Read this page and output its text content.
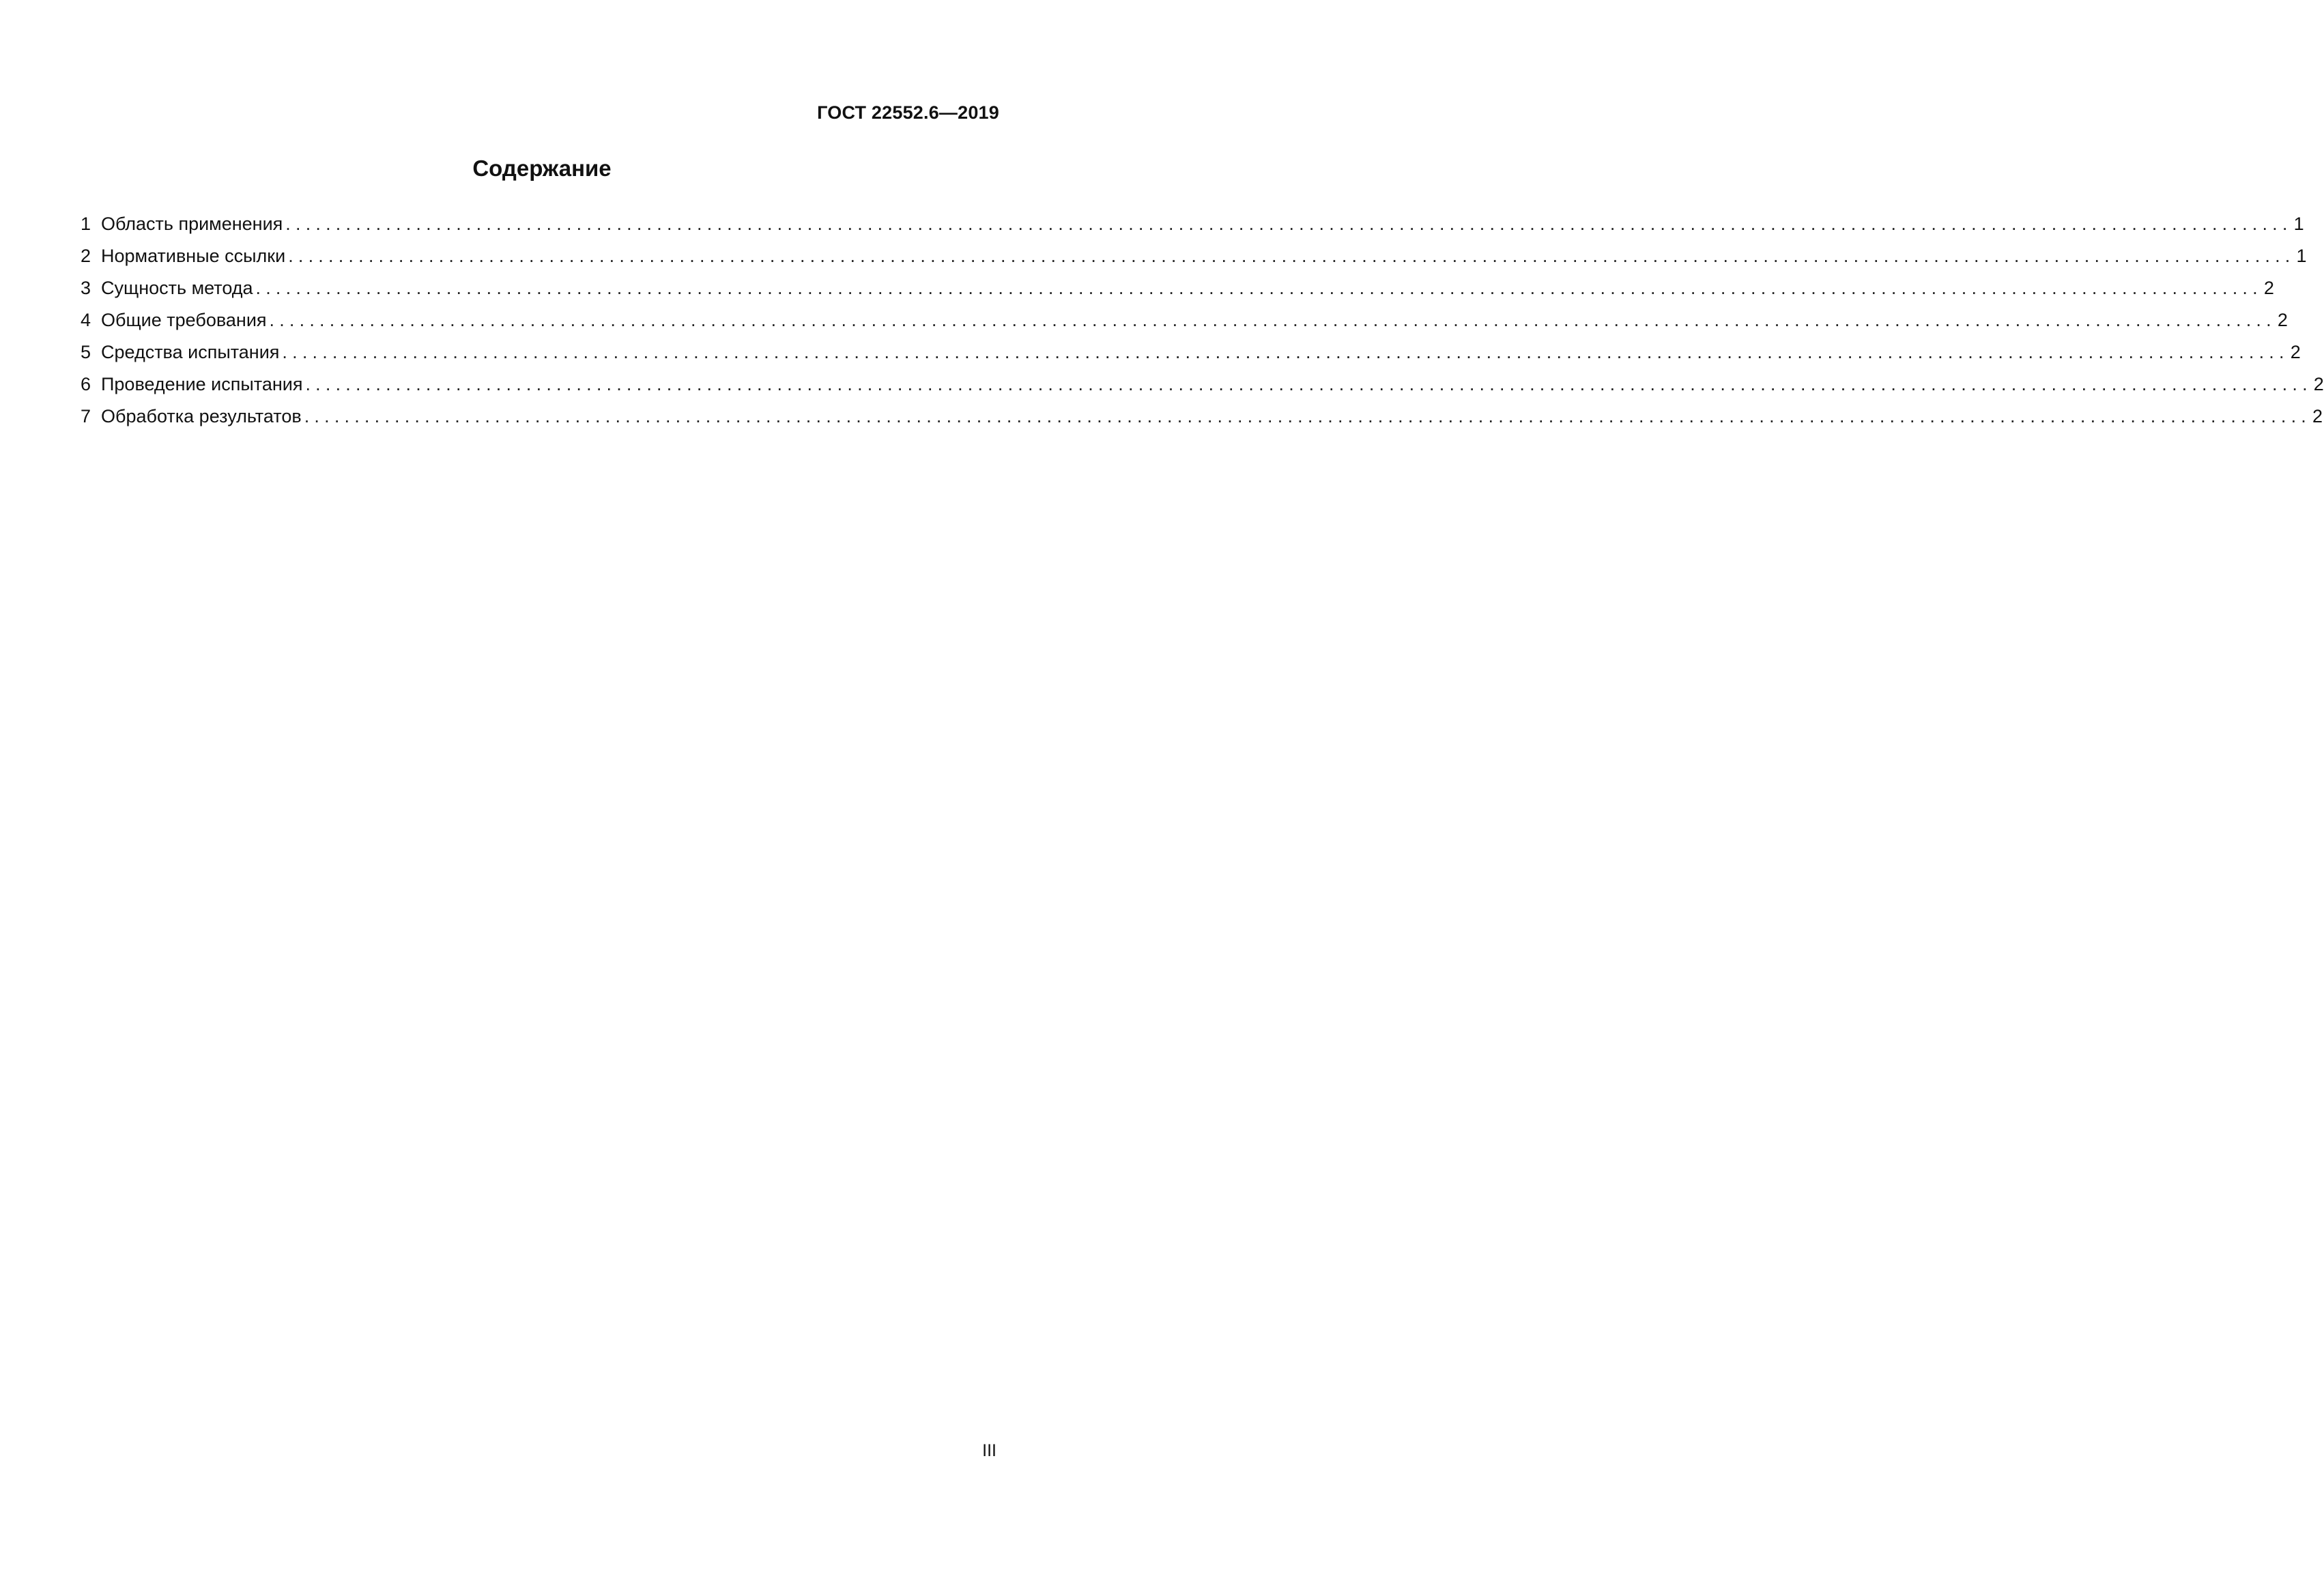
ГОСТ 22552.6—2019
Содержание
1 Область применения ........................................................................................................................................................................................................ 1
2 Нормативные ссылки ........................................................................................................................................................................................................ 1
3 Сущность метода ........................................................................................................................................................................................................ 2
4 Общие требования ........................................................................................................................................................................................................ 2
5 Средства испытания ........................................................................................................................................................................................................ 2
6 Проведение испытания ........................................................................................................................................................................................................ 2
7 Обработка результатов ........................................................................................................................................................................................................ 2
III
